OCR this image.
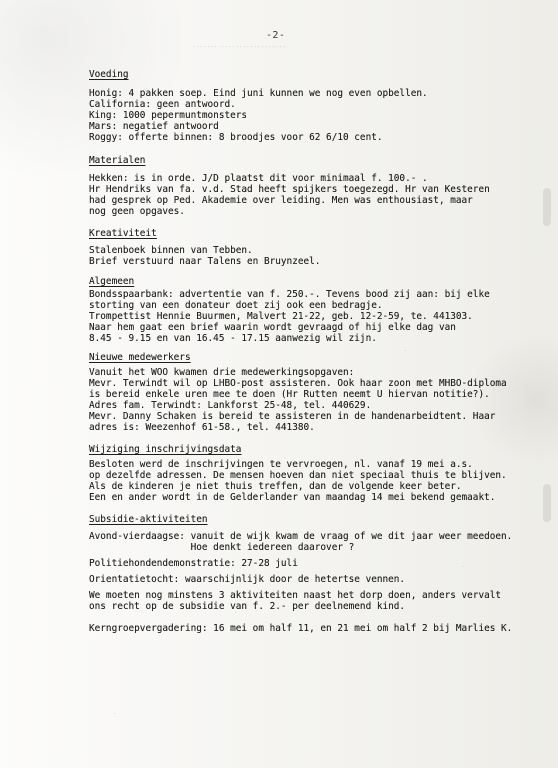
-2-
..........................
Voeding
Honig: 4 pakken soep. Eind juni kunnen we nog even opbellen.
California: geen antwoord.
King: 1000 pepermuntmonsters
Mars: negatief antwoord
Roggy: offerte binnen: 8 broodjes voor 62 6/10 cent.
Materialen
Hekken: is in orde. J/D plaatst dit voor minimaal f. 100.- .
Hr Hendriks van fa. v.d. Stad heeft spijkers toegezegd. Hr van Kesteren
had gesprek op Ped. Akademie over leiding. Men was enthousiast, maar
nog geen opgaves.
Kreativiteit
Stalenboek binnen van Tebben.
Brief verstuurd naar Talens en Bruynzeel.
Algemeen
Bondsspaarbank: advertentie van f. 250.-. Tevens bood zij aan: bij elke
storting van een donateur doet zij ook een bedragje.
Trompettist Hennie Buurmen, Malvert 21-22, geb. 12-2-59, te. 441303.
Naar hem gaat een brief waarin wordt gevraagd of hij elke dag van
8.45 - 9.15 en van 16.45 - 17.15 aanwezig wil zijn.
Nieuwe medewerkers
Vanuit het WOO kwamen drie medewerkingsopgaven:
Mevr. Terwindt wil op LHBO-post assisteren. Ook haar zoon met MHBO-diploma
is bereid enkele uren mee te doen (Hr Rutten neemt U hiervan notitie?).
Adres fam. Terwindt: Lankforst 25-48, tel. 440629.
Mevr. Danny Schaken is bereid te assisteren in de handenarbeidtent. Haar
adres is: Weezenhof 61-58., tel. 441380.
Wijziging inschrijvingsdata
Besloten werd de inschrijvingen te vervroegen, nl. vanaf 19 mei a.s.
op dezelfde adressen. De mensen hoeven dan niet speciaal thuis te blijven.
Als de kinderen je niet thuis treffen, dan de volgende keer beter.
Een en ander wordt in de Gelderlander van maandag 14 mei bekend gemaakt.
Subsidie-aktiviteiten
Avond-vierdaagse: vanuit de wijk kwam de vraag of we dit jaar weer meedoen.
Hoe denkt iedereen daarover ?
Politiehondendemonstratie: 27-28 juli
Orientatietocht: waarschijnlijk door de hetertse vennen.
We moeten nog minstens 3 aktiviteiten naast het dorp doen, anders vervalt
ons recht op de subsidie van f. 2.- per deelnemend kind.
Kerngroepvergadering: 16 mei om half 11, en 21 mei om half 2 bij Marlies K.
